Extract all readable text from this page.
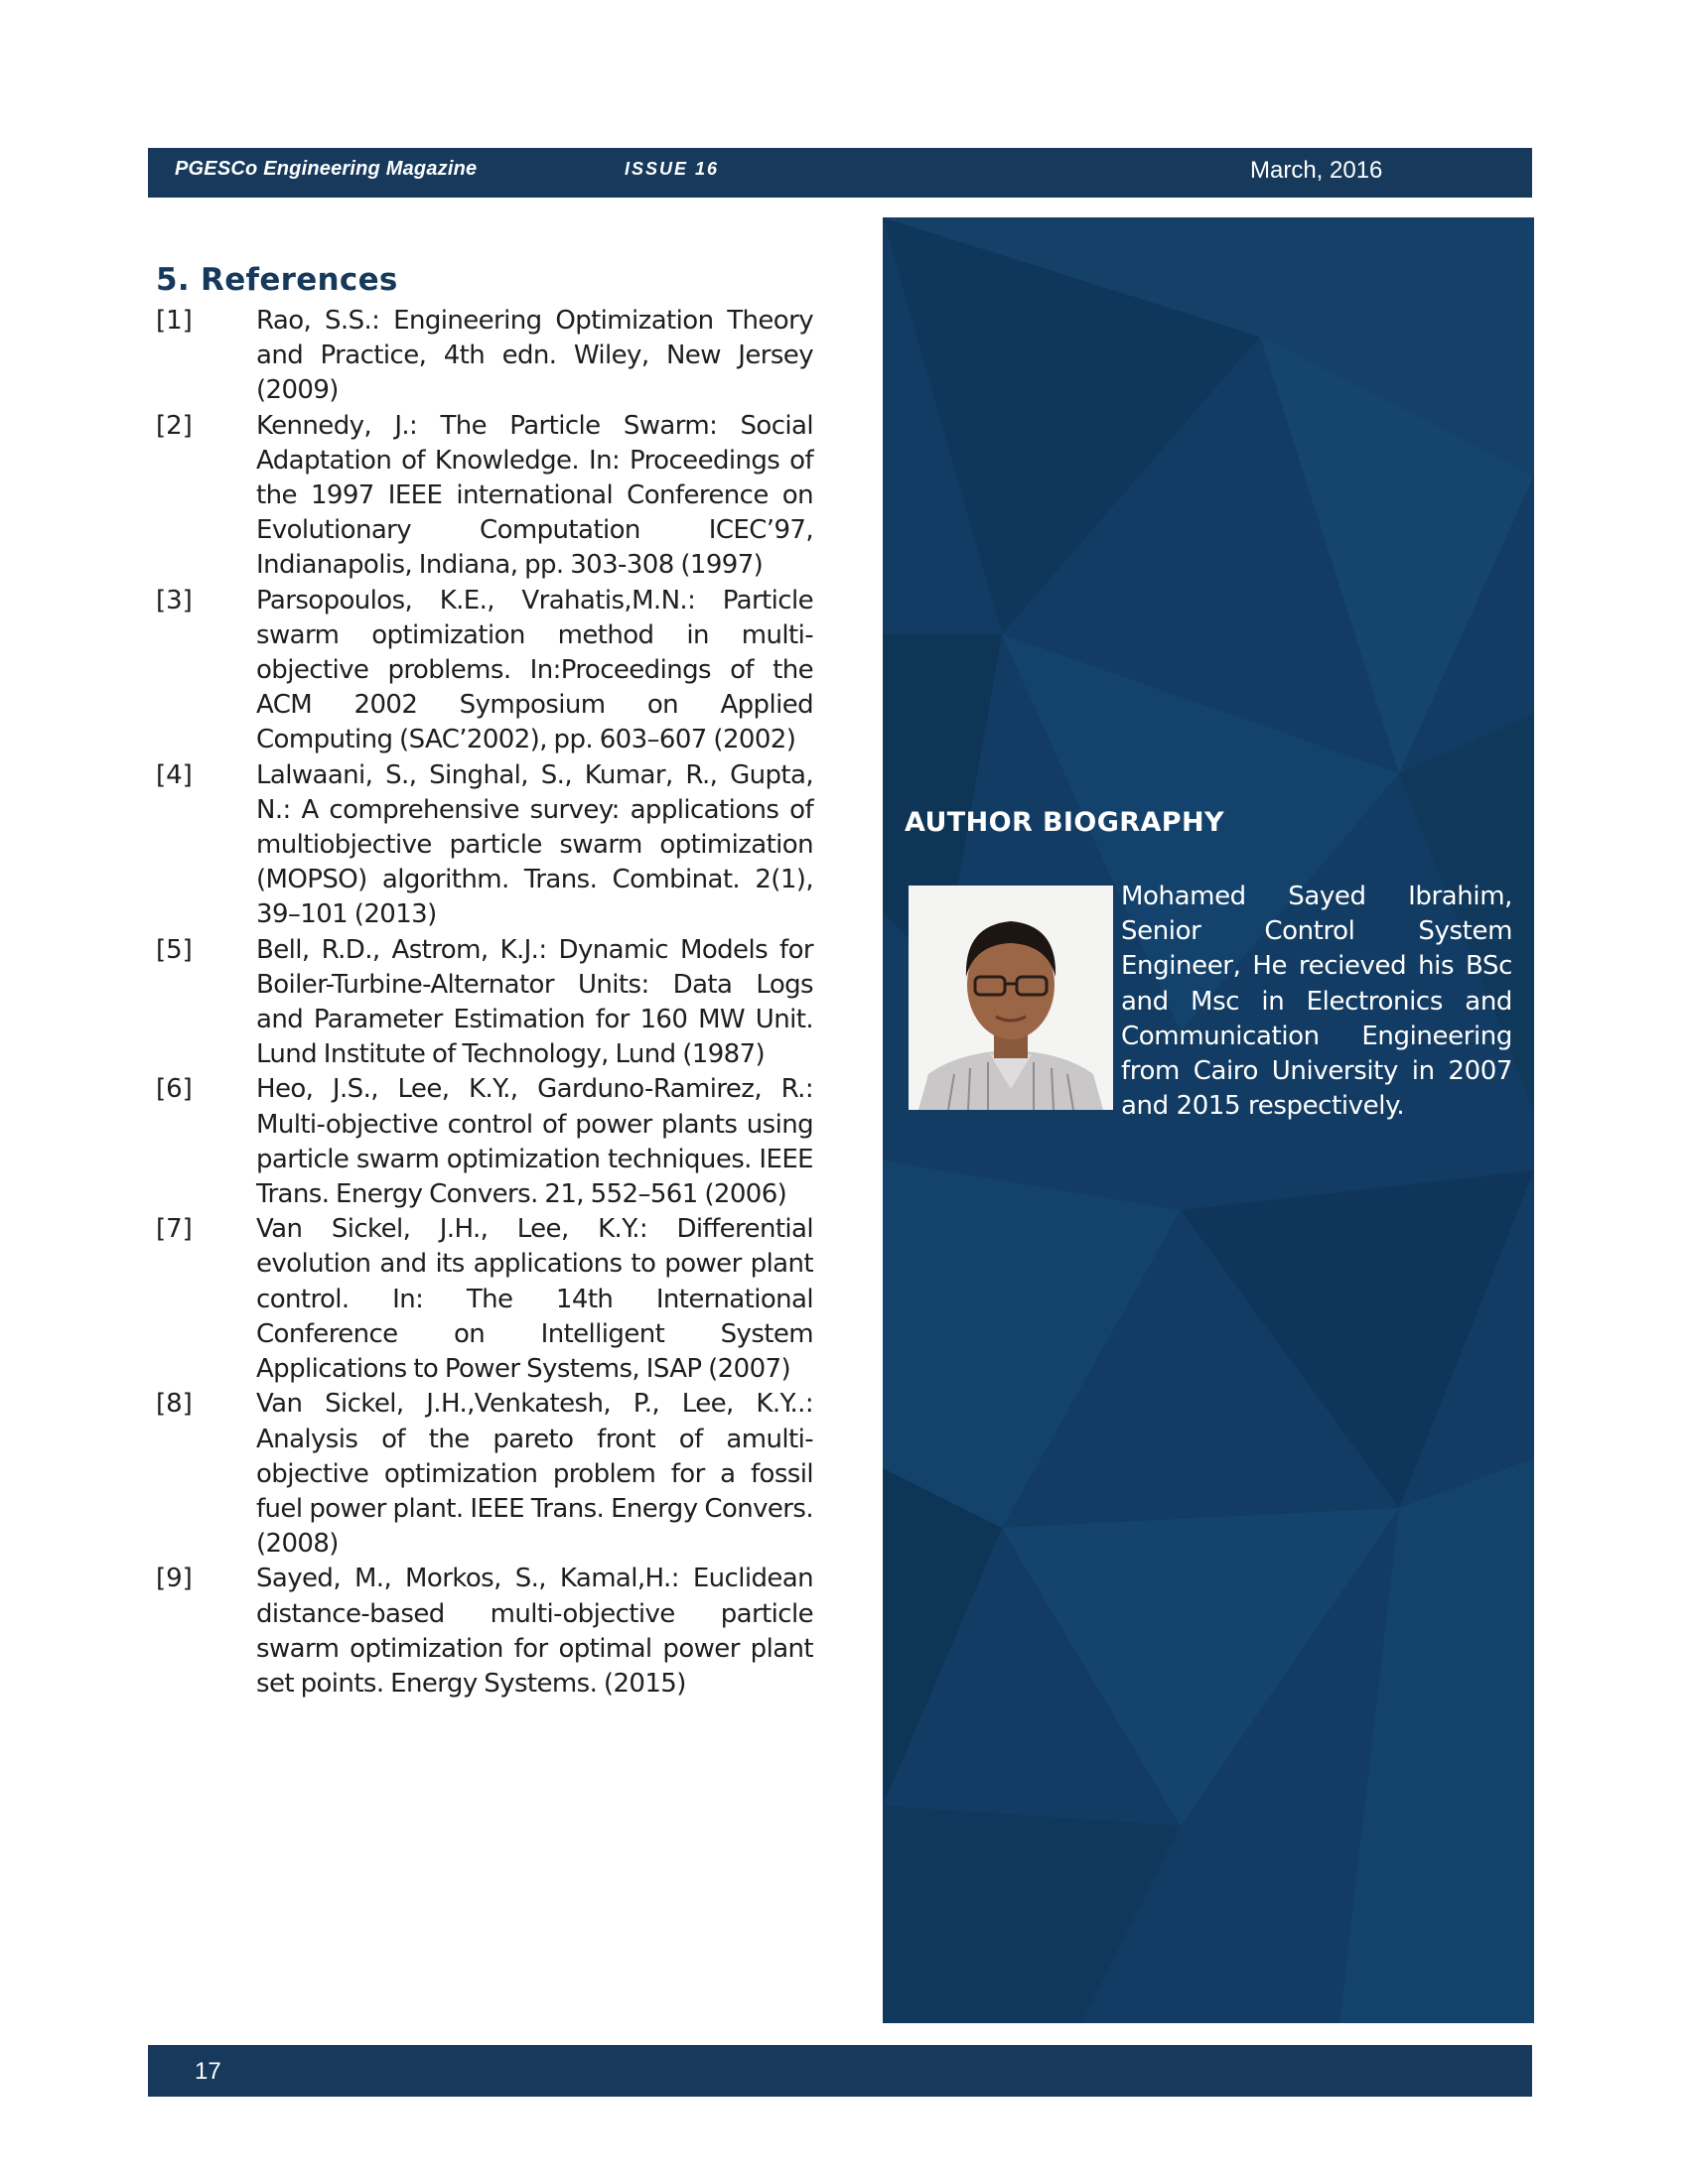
PGESCo Engineering Magazine	ISSUE 16	March, 2016
5. References
[1]	Rao, S.S.: Engineering Optimization Theory and Practice, 4th edn. Wiley, New Jersey (2009)
[2]	Kennedy, J.: The Particle Swarm: Social Adaptation of Knowledge. In: Proceedings of the 1997 IEEE international Conference on Evolutionary Computation ICEC’97, Indianapolis, Indiana, pp. 303-308 (1997)
[3]	Parsopoulos, K.E., Vrahatis,M.N.: Particle swarm optimization method in multi-objective problems. In:Proceedings of the ACM 2002 Symposium on Applied Computing (SAC’2002), pp. 603–607 (2002)
[4]	Lalwaani, S., Singhal, S., Kumar, R., Gupta, N.: A comprehensive survey: applications of multiobjective particle swarm optimization (MOPSO) algorithm. Trans. Combinat. 2(1), 39–101 (2013)
[5]	Bell, R.D., Astrom, K.J.: Dynamic Models for Boiler-Turbine-Alternator Units: Data Logs and Parameter Estimation for 160 MW Unit. Lund Institute of Technology, Lund (1987)
[6]	Heo, J.S., Lee, K.Y., Garduno-Ramirez, R.: Multi-objective control of power plants using particle swarm optimization techniques. IEEE Trans. Energy Convers. 21, 552–561 (2006)
[7]	Van Sickel, J.H., Lee, K.Y.: Differential evolution and its applications to power plant control. In: The 14th International Conference on Intelligent System Applications to Power Systems, ISAP (2007)
[8]	Van Sickel, J.H.,Venkatesh, P., Lee, K.Y..: Analysis of the pareto front of amulti-objective optimization problem for a fossil fuel power plant. IEEE Trans. Energy Convers. (2008)
[9]	Sayed, M., Morkos, S., Kamal,H.: Euclidean distance-based multi-objective particle swarm optimization for optimal power plant set points. Energy Systems. (2015)
AUTHOR BIOGRAPHY
Mohamed Sayed Ibrahim, Senior Control System Engineer, He recieved his BSc and Msc in Electronics and Communication Engineering from Cairo University in 2007 and 2015 respectively.
17
